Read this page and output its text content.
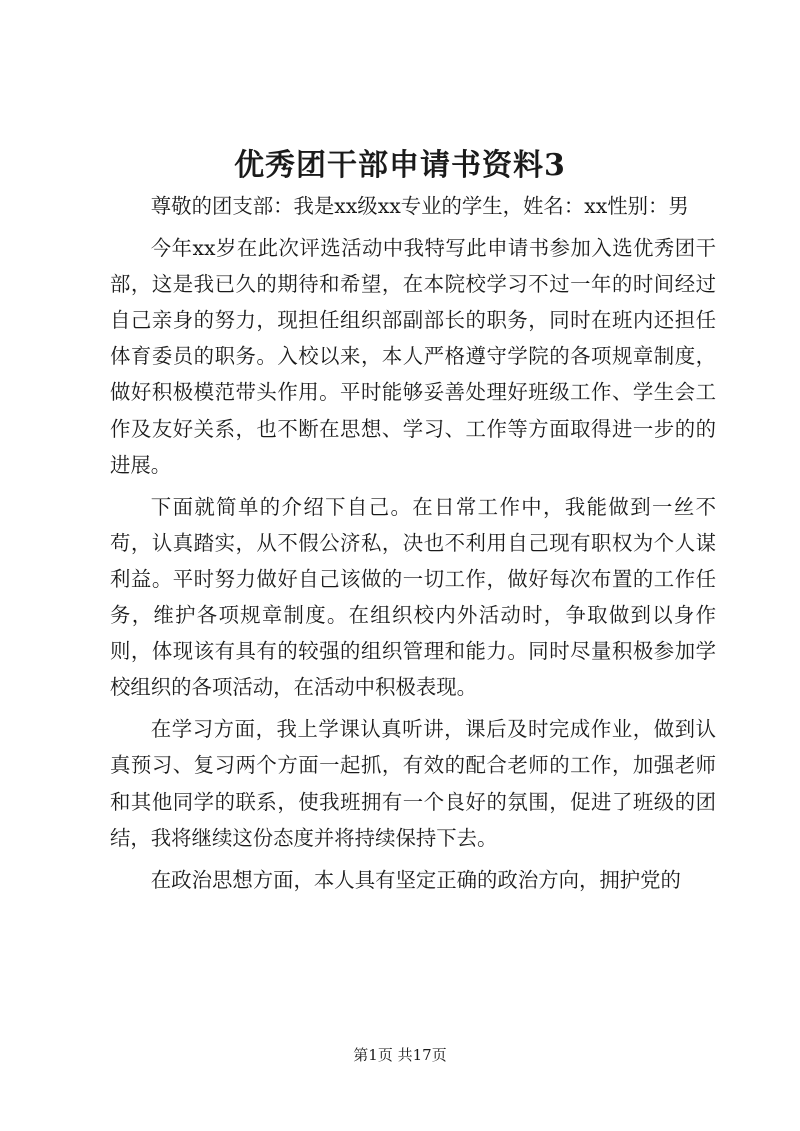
优秀团干部申请书资料3

尊敬的团支部：我是xx级xx专业的学生，姓名：xx性别：男

今年xx岁在此次评选活动中我特写此申请书参加入选优秀团干部，这是我已久的期待和希望，在本院校学习不过一年的时间经过自己亲身的努力，现担任组织部副部长的职务，同时在班内还担任体育委员的职务。入校以来，本人严格遵守学院的各项规章制度，做好积极模范带头作用。平时能够妥善处理好班级工作、学生会工作及友好关系，也不断在思想、学习、工作等方面取得进一步的的进展。

下面就简单的介绍下自己。在日常工作中，我能做到一丝不苟，认真踏实，从不假公济私，决也不利用自己现有职权为个人谋利益。平时努力做好自己该做的一切工作，做好每次布置的工作任务，维护各项规章制度。在组织校内外活动时，争取做到以身作则，体现该有具有的较强的组织管理和能力。同时尽量积极参加学校组织的各项活动，在活动中积极表现。

在学习方面，我上学课认真听讲，课后及时完成作业，做到认真预习、复习两个方面一起抓，有效的配合老师的工作，加强老师和其他同学的联系，使我班拥有一个良好的氛围，促进了班级的团结，我将继续这份态度并将持续保持下去。

在政治思想方面，本人具有坚定正确的政治方向，拥护党的

第1页 共17页
